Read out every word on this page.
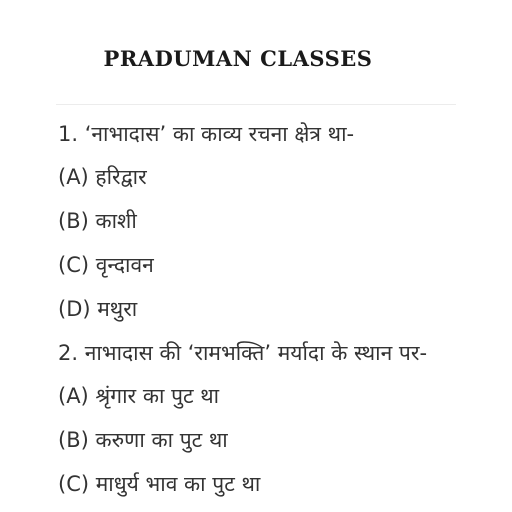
PRADUMAN CLASSES
1. ‘नाभादास’ का काव्य रचना क्षेत्र था-
(A) हरिद्वार
(B) काशी
(C) वृन्दावन
(D) मथुरा
2. नाभादास की ‘रामभक्ति’ मर्यादा के स्थान पर-
(A) श्रृंगार का पुट था
(B) करुणा का पुट था
(C) माधुर्य भाव का पुट था
